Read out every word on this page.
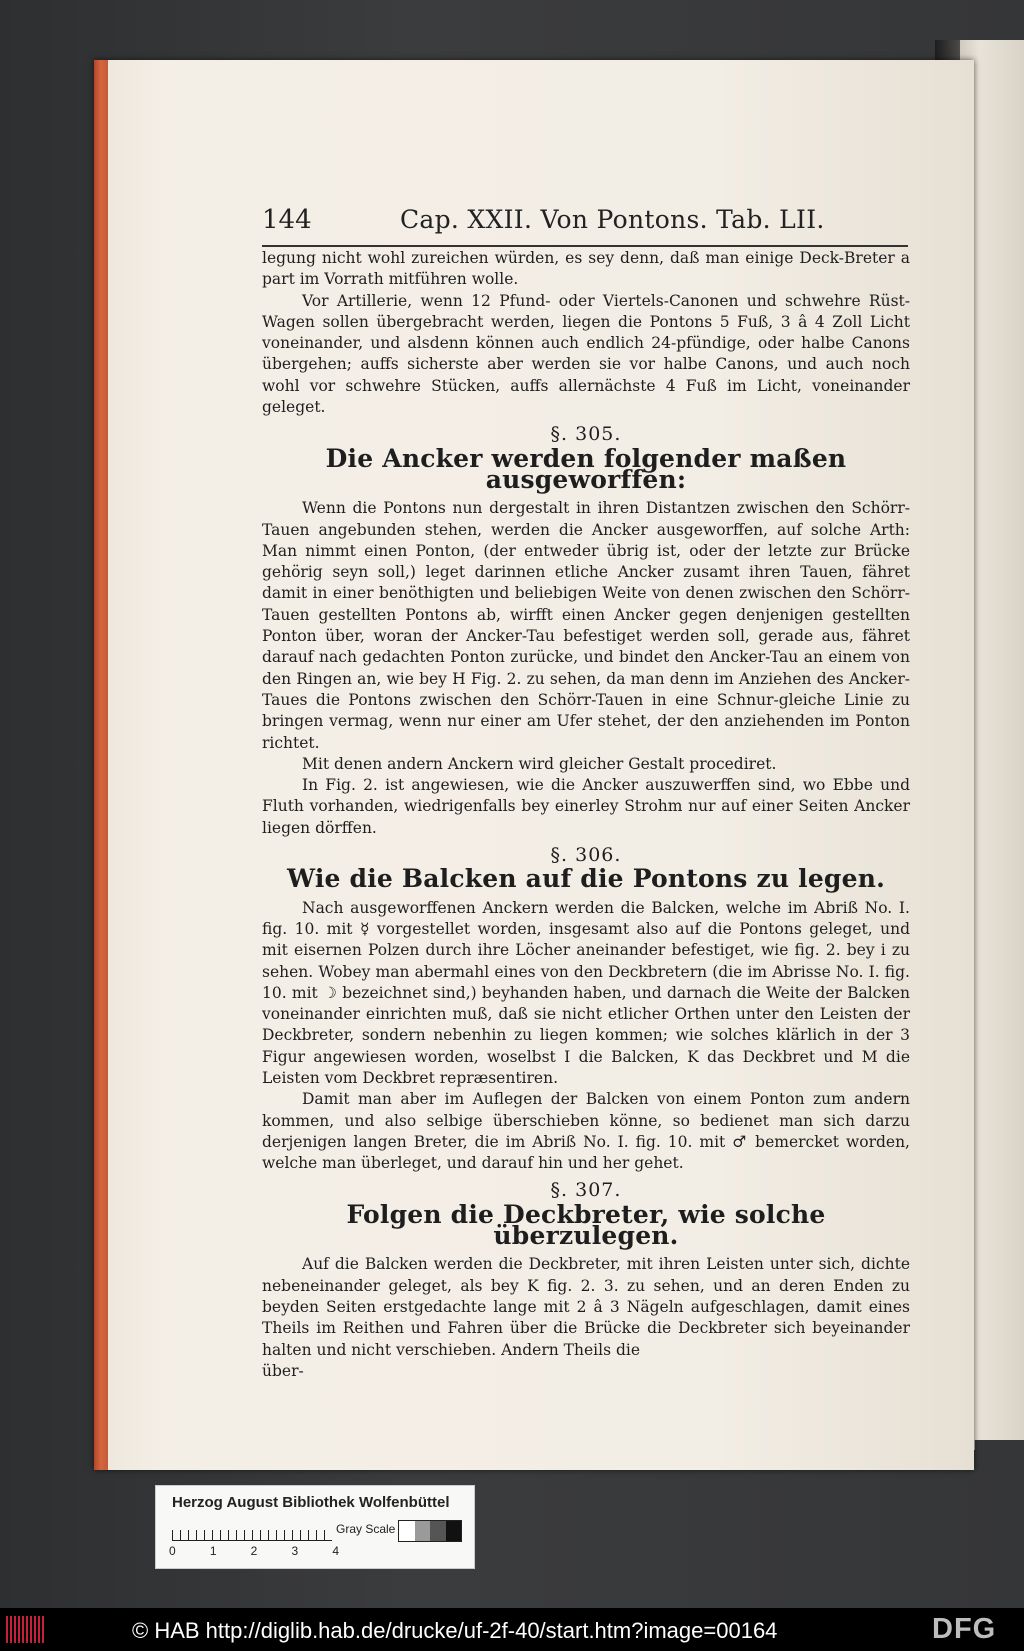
144	Cap. XXII. Von Pontons. Tab. LII.

legung nicht wohl zureichen würden, es sey denn, daß man einige Deck-Breter a part im Vorrath mitführen wolle.

Vor Artillerie, wenn 12 Pfund- oder Viertels-Canonen und schwehre Rüst-Wagen sollen übergebracht werden, liegen die Pontons 5 Fuß, 3 â 4 Zoll Licht voneinander, und alsdenn können auch endlich 24-pfündige, oder halbe Canons übergehen; auffs sicherste aber werden sie vor halbe Canons, und auch noch wohl vor schwehre Stücken, auffs allernächste 4 Fuß im Licht, voneinander geleget.

§. 305.
Die Ancker werden folgender maßen ausgeworffen:

Wenn die Pontons nun dergestalt in ihren Distantzen zwischen den Schörr-Tauen angebunden stehen, werden die Ancker ausgeworffen, auf solche Arth: Man nimmt einen Ponton, (der entweder übrig ist, oder der letzte zur Brücke gehörig seyn soll,) leget darinnen etliche Ancker zusamt ihren Tauen, fähret damit in einer benöthigten und beliebigen Weite von denen zwischen den Schörr-Tauen gestellten Pontons ab, wirfft einen Ancker gegen denjenigen gestellten Ponton über, woran der Ancker-Tau befestiget werden soll, gerade aus, fähret darauf nach gedachten Ponton zurücke, und bindet den Ancker-Tau an einem von den Ringen an, wie bey H Fig. 2. zu sehen, da man denn im Anziehen des Ancker-Taues die Pontons zwischen den Schörr-Tauen in eine Schnur-gleiche Linie zu bringen vermag, wenn nur einer am Ufer stehet, der den anziehenden im Ponton richtet.

Mit denen andern Anckern wird gleicher Gestalt procediret.

In Fig. 2. ist angewiesen, wie die Ancker auszuwerffen sind, wo Ebbe und Fluth vorhanden, wiedrigenfalls bey einerley Strohm nur auf einer Seiten Ancker liegen dörffen.

§. 306.
Wie die Balcken auf die Pontons zu legen.

Nach ausgeworffenen Anckern werden die Balcken, welche im Abriß No. I. fig. 10. mit ☿ vorgestellet worden, insgesamt also auf die Pontons geleget, und mit eisernen Polzen durch ihre Löcher aneinander befestiget, wie fig. 2. bey i zu sehen. Wobey man abermahl eines von den Deckbretern (die im Abrisse No. I. fig. 10. mit ☽ bezeichnet sind,) beyhanden haben, und darnach die Weite der Balcken voneinander einrichten muß, daß sie nicht etlicher Orthen unter den Leisten der Deckbreter, sondern nebenhin zu liegen kommen; wie solches klärlich in der 3 Figur angewiesen worden, woselbst I die Balcken, K das Deckbret und M die Leisten vom Deckbret repræsentiren.

Damit man aber im Auflegen der Balcken von einem Ponton zum andern kommen, und also selbige überschieben könne, so bedienet man sich darzu derjenigen langen Breter, die im Abriß No. I. fig. 10. mit ♂ bemercket worden, welche man überleget, und darauf hin und her gehet.

§. 307.
Folgen die Deckbreter, wie solche überzulegen.

Auf die Balcken werden die Deckbreter, mit ihren Leisten unter sich, dichte nebeneinander geleget, als bey K fig. 2. 3. zu sehen, und an deren Enden zu beyden Seiten erstgedachte lange mit 2 â 3 Nägeln aufgeschlagen, damit eines Theils im Reithen und Fahren über die Brücke die Deckbreter sich beyeinander halten und nicht verschieben. Andern Theils die

über-

Herzog August Bibliothek Wolfenbüttel
0	1	2	3	4
Gray Scale
© HAB http://diglib.hab.de/drucke/uf-2f-40/start.htm?image=00164	DFG
